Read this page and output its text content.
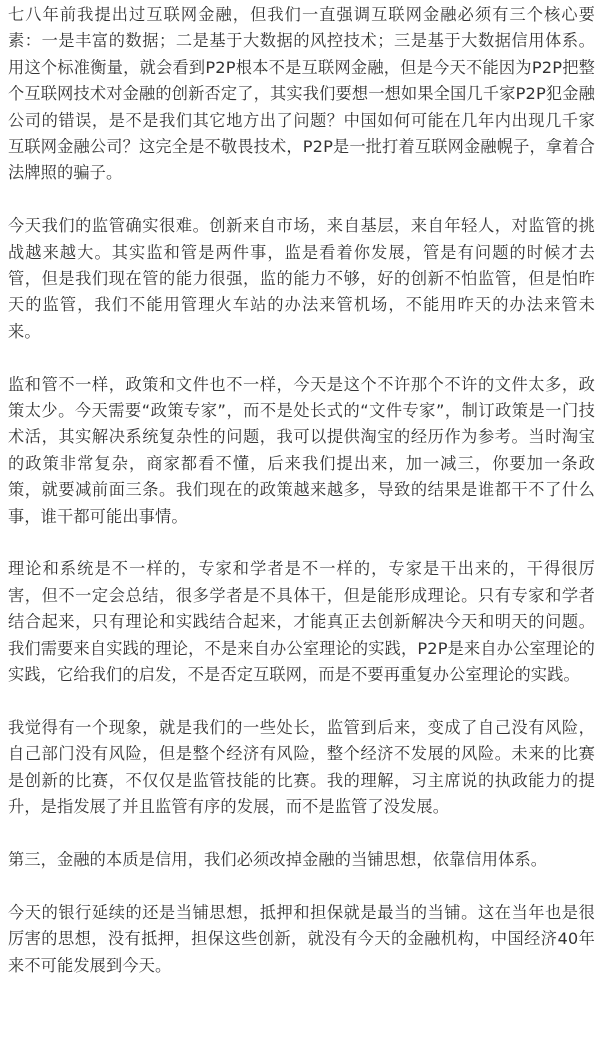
七八年前我提出过互联网金融，但我们一直强调互联网金融必须有三个核心要素：一是丰富的数据；二是基于大数据的风控技术；三是基于大数据信用体系。用这个标准衡量，就会看到P2P根本不是互联网金融，但是今天不能因为P2P把整个互联网技术对金融的创新否定了，其实我们要想一想如果全国几千家P2P犯金融公司的错误，是不是我们其它地方出了问题？中国如何可能在几年内出现几千家互联网金融公司？这完全是不敬畏技术，P2P是一批打着互联网金融幌子，拿着合法牌照的骗子。

今天我们的监管确实很难。创新来自市场，来自基层，来自年轻人，对监管的挑战越来越大。其实监和管是两件事，监是看着你发展，管是有问题的时候才去管，但是我们现在管的能力很强，监的能力不够，好的创新不怕监管，但是怕昨天的监管，我们不能用管理火车站的办法来管机场，不能用昨天的办法来管未来。

监和管不一样，政策和文件也不一样，今天是这个不许那个不许的文件太多，政策太少。今天需要“政策专家”，而不是处长式的“文件专家”，制订政策是一门技术活，其实解决系统复杂性的问题，我可以提供淘宝的经历作为参考。当时淘宝的政策非常复杂，商家都看不懂，后来我们提出来，加一减三，你要加一条政策，就要减前面三条。我们现在的政策越来越多，导致的结果是谁都干不了什么事，谁干都可能出事情。

理论和系统是不一样的，专家和学者是不一样的，专家是干出来的，干得很厉害，但不一定会总结，很多学者是不具体干，但是能形成理论。只有专家和学者结合起来，只有理论和实践结合起来，才能真正去创新解决今天和明天的问题。我们需要来自实践的理论，不是来自办公室理论的实践，P2P是来自办公室理论的实践，它给我们的启发，不是否定互联网，而是不要再重复办公室理论的实践。

我觉得有一个现象，就是我们的一些处长，监管到后来，变成了自己没有风险，自己部门没有风险，但是整个经济有风险，整个经济不发展的风险。未来的比赛是创新的比赛，不仅仅是监管技能的比赛。我的理解，习主席说的执政能力的提升，是指发展了并且监管有序的发展，而不是监管了没发展。

第三，金融的本质是信用，我们必须改掉金融的当铺思想，依靠信用体系。

今天的银行延续的还是当铺思想，抵押和担保就是最当的当铺。这在当年也是很厉害的思想，没有抵押，担保这些创新，就没有今天的金融机构，中国经济40年来不可能发展到今天。
